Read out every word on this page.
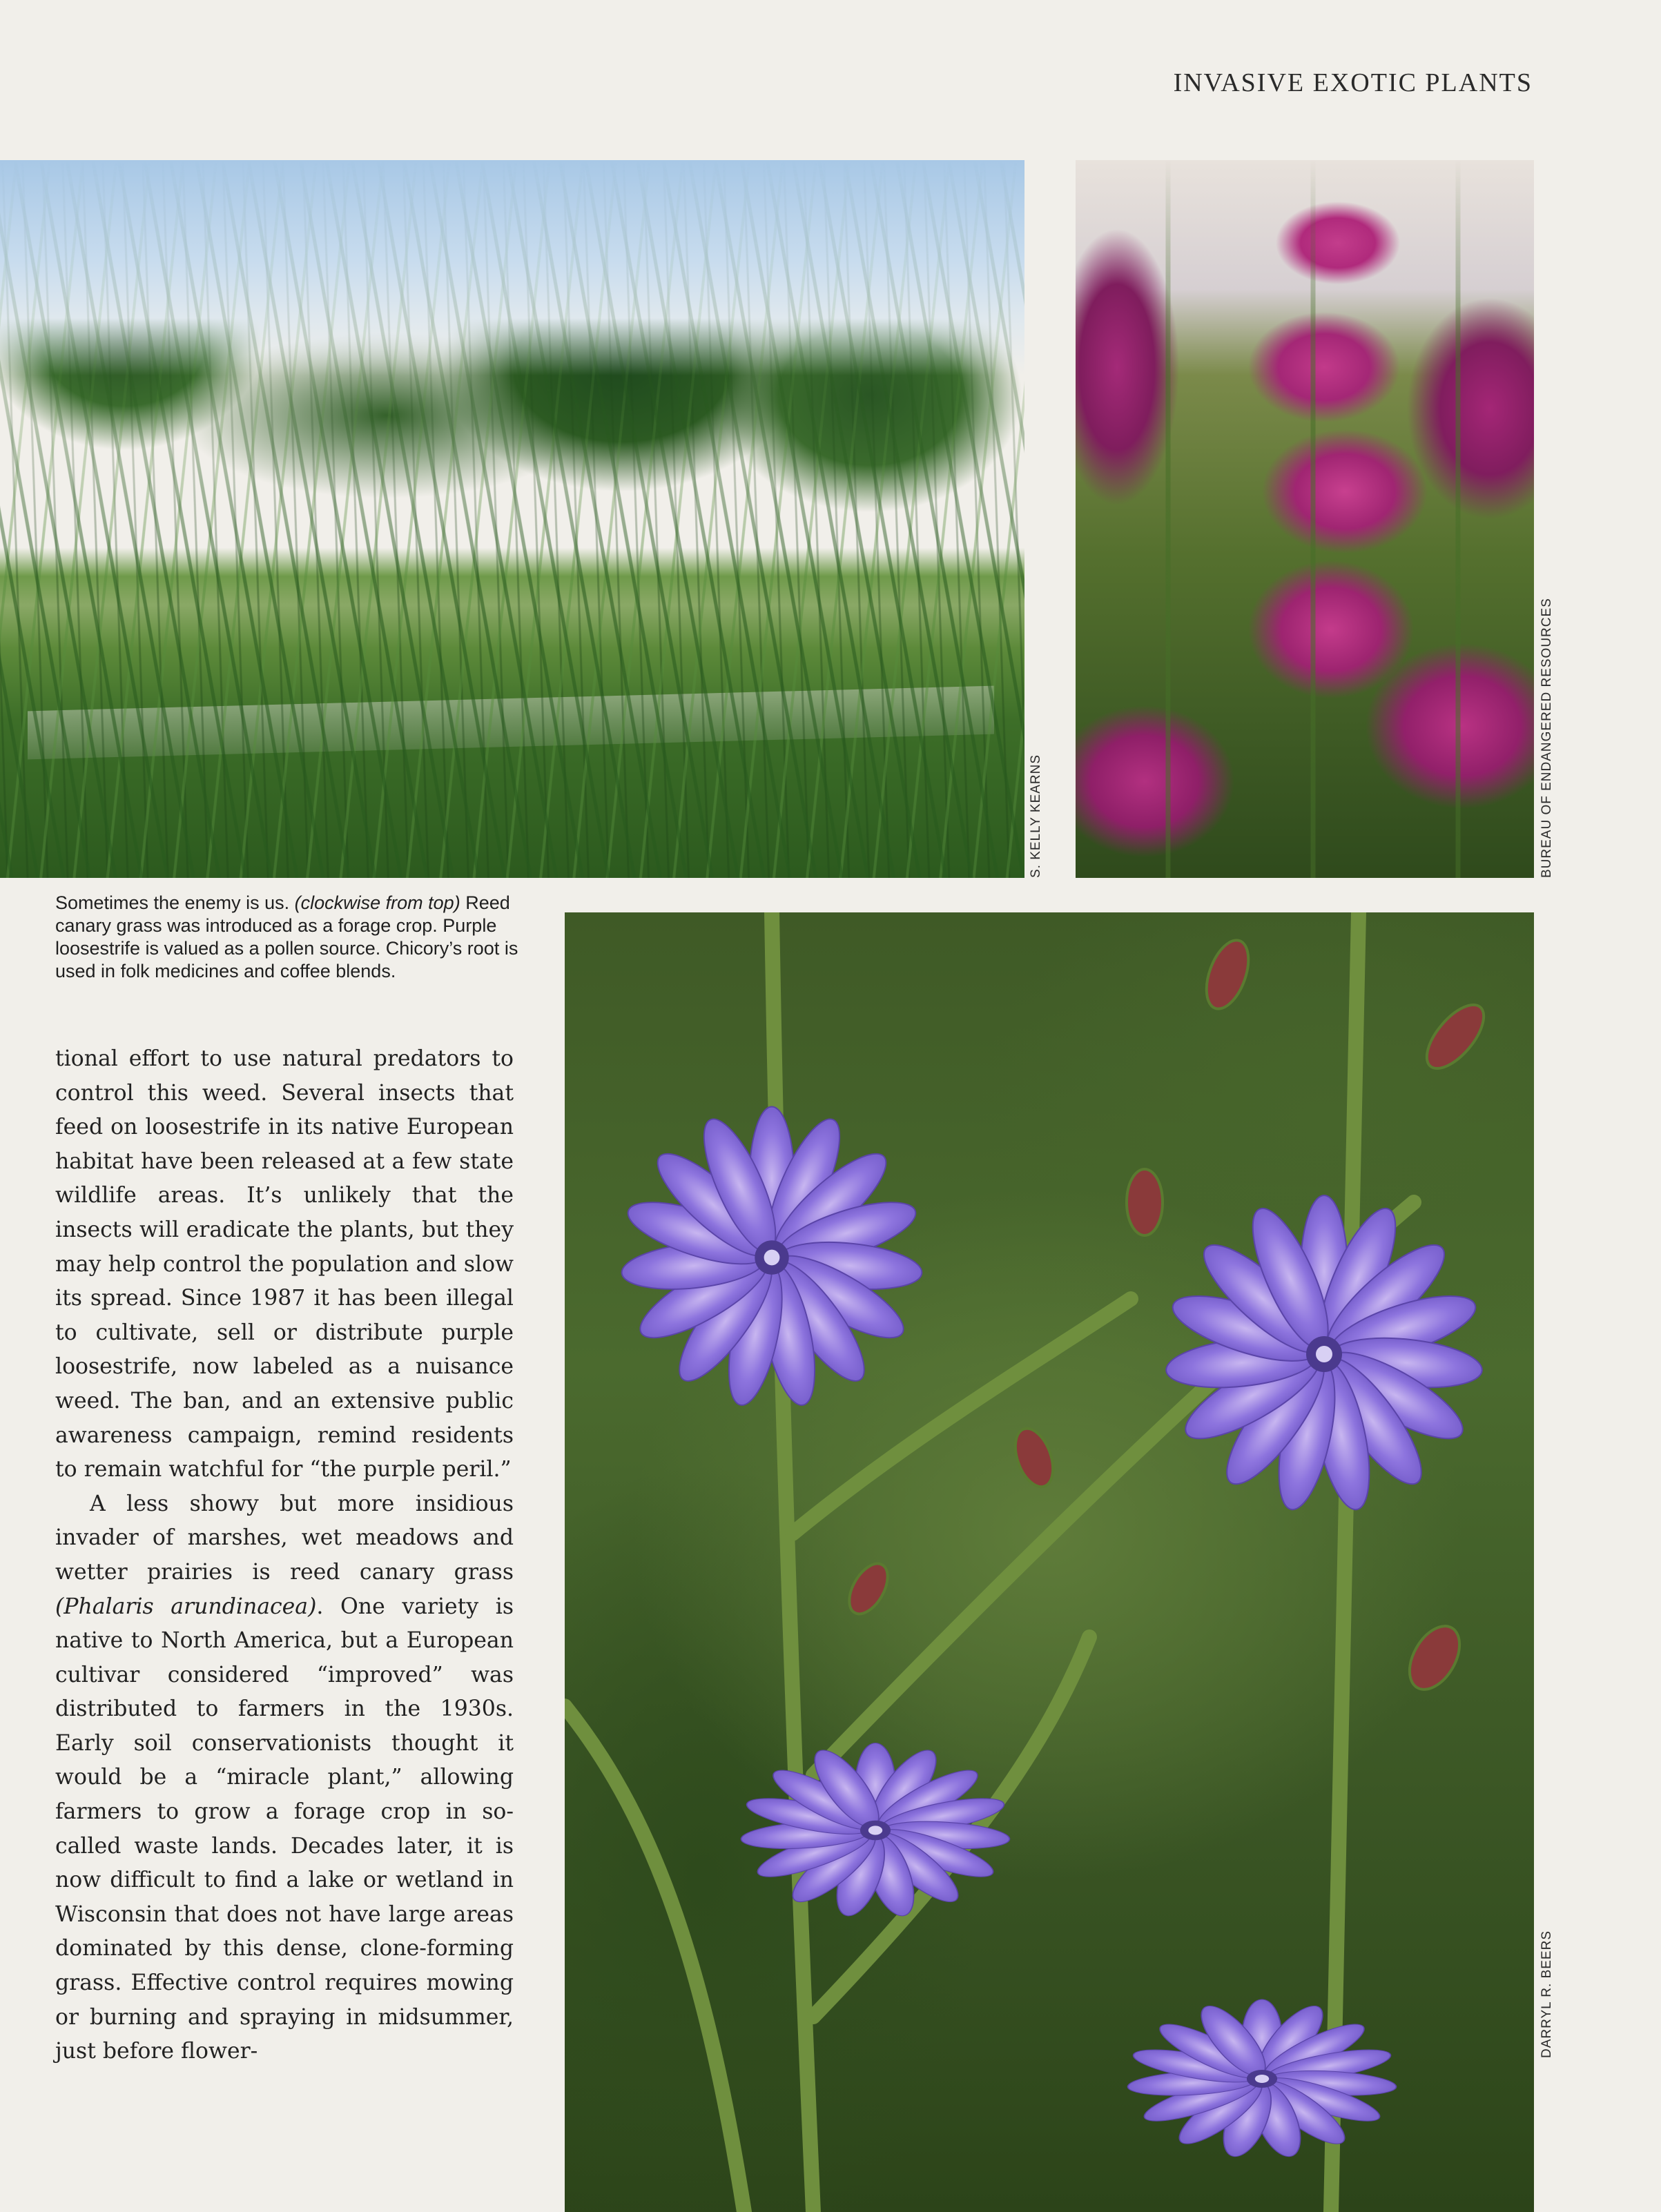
INVASIVE EXOTIC PLANTS
S. KELLY KEARNS	BUREAU OF ENDANGERED RESOURCES
DARRYL R. BEERS
Sometimes the enemy is us. (clockwise from top) Reed canary grass was introduced as a forage crop. Purple loosestrife is valued as a pollen source. Chicory’s root is used in folk medicines and coffee blends.

tional effort to use natural predators to control this weed. Several insects that feed on loosestrife in its native European habitat have been released at a few state wildlife areas. It’s unlikely that the insects will eradicate the plants, but they may help control the population and slow its spread. Since 1987 it has been illegal to cultivate, sell or distribute purple loosestrife, now labeled as a nuisance weed. The ban, and an extensive public awareness campaign, remind residents to remain watchful for “the purple peril.”

A less showy but more insidious invader of marshes, wet meadows and wetter prairies is reed canary grass (Phalaris arundinacea). One variety is native to North America, but a European cultivar considered “improved” was distributed to farmers in the 1930s. Early soil conservationists thought it would be a “miracle plant,” allowing farmers to grow a forage crop in so-called waste lands. Decades later, it is now difficult to find a lake or wetland in Wisconsin that does not have large areas dominated by this dense, clone-forming grass. Effective control requires mowing or burning and spraying in midsummer, just before flower-
